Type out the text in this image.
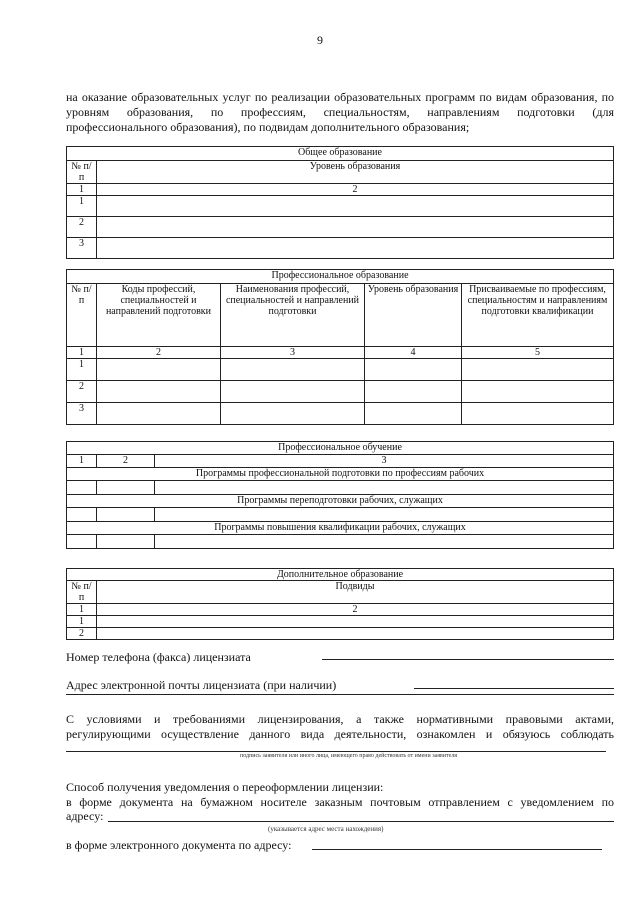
9
на оказание образовательных услуг по реализации образовательных программ по видам образования, по уровням образования, по профессиям, специальностям, направлениям подготовки (для профессионального образования), по подвидам дополнительного образования;
Общее образование	
№ п/п	Уровень образования
1	2
1	
2	
3	
Профессиональное образование				
№ п/п	Коды профессий, специальностей и направлений подготовки	Наименования профессий, специальностей и направлений подготовки	Уровень образования	Присваиваемые по профессиям, специальностям и направлениям подготовки квалификации
1	2	3	4	5
1				
2				
3				
Профессиональное обучение		
1	2	3
Программы профессиональной подготовки по профессиям рабочих		

Программы переподготовки рабочих, служащих		

Программы повышения квалификации рабочих, служащих		

Дополнительное образование	
№ п/п	Подвиды
1	2
1	
2	
Номер телефона (факса) лицензиата
Адрес электронной почты лицензиата (при наличии)
С условиями и требованиями лицензирования, а также нормативными правовыми актами,
регулирующими осуществление данного вида деятельности, ознакомлен и обязуюсь соблюдать
подпись заявителя или иного лица, имеющего право действовать от имени заявителя
Способ получения уведомления о переоформлении лицензии:
в форме документа на бумажном носителе заказным почтовым отправлением с уведомлением по
адресу:
(указывается адрес места нахождения)
в форме электронного документа по адресу:
